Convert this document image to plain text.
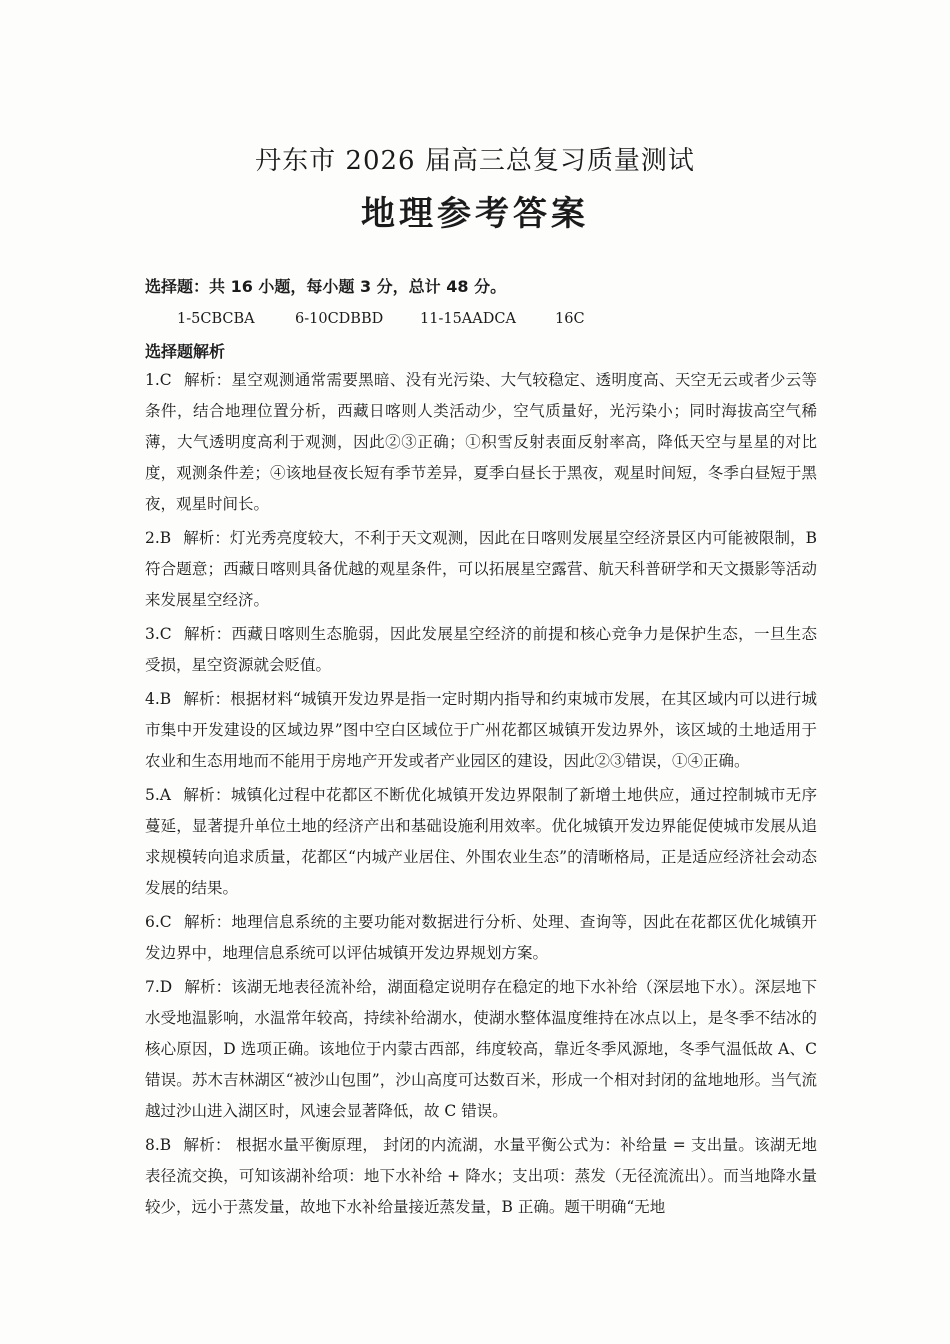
丹东市 2026 届高三总复习质量测试
地理参考答案

选择题：共 16 小题，每小题 3 分，总计 48 分。

1-5CBCBA	6-10CDBBD	11-15AADCA	16C

选择题解析

1.C 解析：星空观测通常需要黑暗、没有光污染、大气较稳定、透明度高、天空无云或者少云等条件，结合地理位置分析，西藏日喀则人类活动少，空气质量好，光污染小；同时海拔高空气稀薄，大气透明度高利于观测，因此②③正确；①积雪反射表面反射率高，降低天空与星星的对比度，观测条件差；④该地昼夜长短有季节差异，夏季白昼长于黑夜，观星时间短，冬季白昼短于黑夜，观星时间长。

2.B 解析：灯光秀亮度较大，不利于天文观测，因此在日喀则发展星空经济景区内可能被限制，B 符合题意；西藏日喀则具备优越的观星条件，可以拓展星空露营、航天科普研学和天文摄影等活动来发展星空经济。

3.C 解析：西藏日喀则生态脆弱，因此发展星空经济的前提和核心竞争力是保护生态，一旦生态受损，星空资源就会贬值。

4.B 解析：根据材料“城镇开发边界是指一定时期内指导和约束城市发展，在其区域内可以进行城市集中开发建设的区域边界”图中空白区域位于广州花都区城镇开发边界外，该区域的土地适用于农业和生态用地而不能用于房地产开发或者产业园区的建设，因此②③错误，①④正确。

5.A 解析：城镇化过程中花都区不断优化城镇开发边界限制了新增土地供应，通过控制城市无序蔓延，显著提升单位土地的经济产出和基础设施利用效率。优化城镇开发边界能促使城市发展从追求规模转向追求质量，花都区“内城产业居住、外围农业生态”的清晰格局，正是适应经济社会动态发展的结果。

6.C 解析：地理信息系统的主要功能对数据进行分析、处理、查询等，因此在花都区优化城镇开发边界中，地理信息系统可以评估城镇开发边界规划方案。

7.D 解析：该湖无地表径流补给，湖面稳定说明存在稳定的地下水补给（深层地下水）。深层地下水受地温影响，水温常年较高，持续补给湖水，使湖水整体温度维持在冰点以上，是冬季不结冰的核心原因，D 选项正确。该地位于内蒙古西部，纬度较高，靠近冬季风源地，冬季气温低故 A、C 错误。苏木吉林湖区“被沙山包围”，沙山高度可达数百米，形成一个相对封闭的盆地地形。当气流越过沙山进入湖区时，风速会显著降低，故 C 错误。

8.B 解析： 根据水量平衡原理， 封闭的内流湖，水量平衡公式为：补给量 = 支出量。该湖无地表径流交换，可知该湖补给项：地下水补给 + 降水；支出项：蒸发（无径流流出）。而当地降水量较少，远小于蒸发量，故地下水补给量接近蒸发量，B 正确。题干明确“无地
